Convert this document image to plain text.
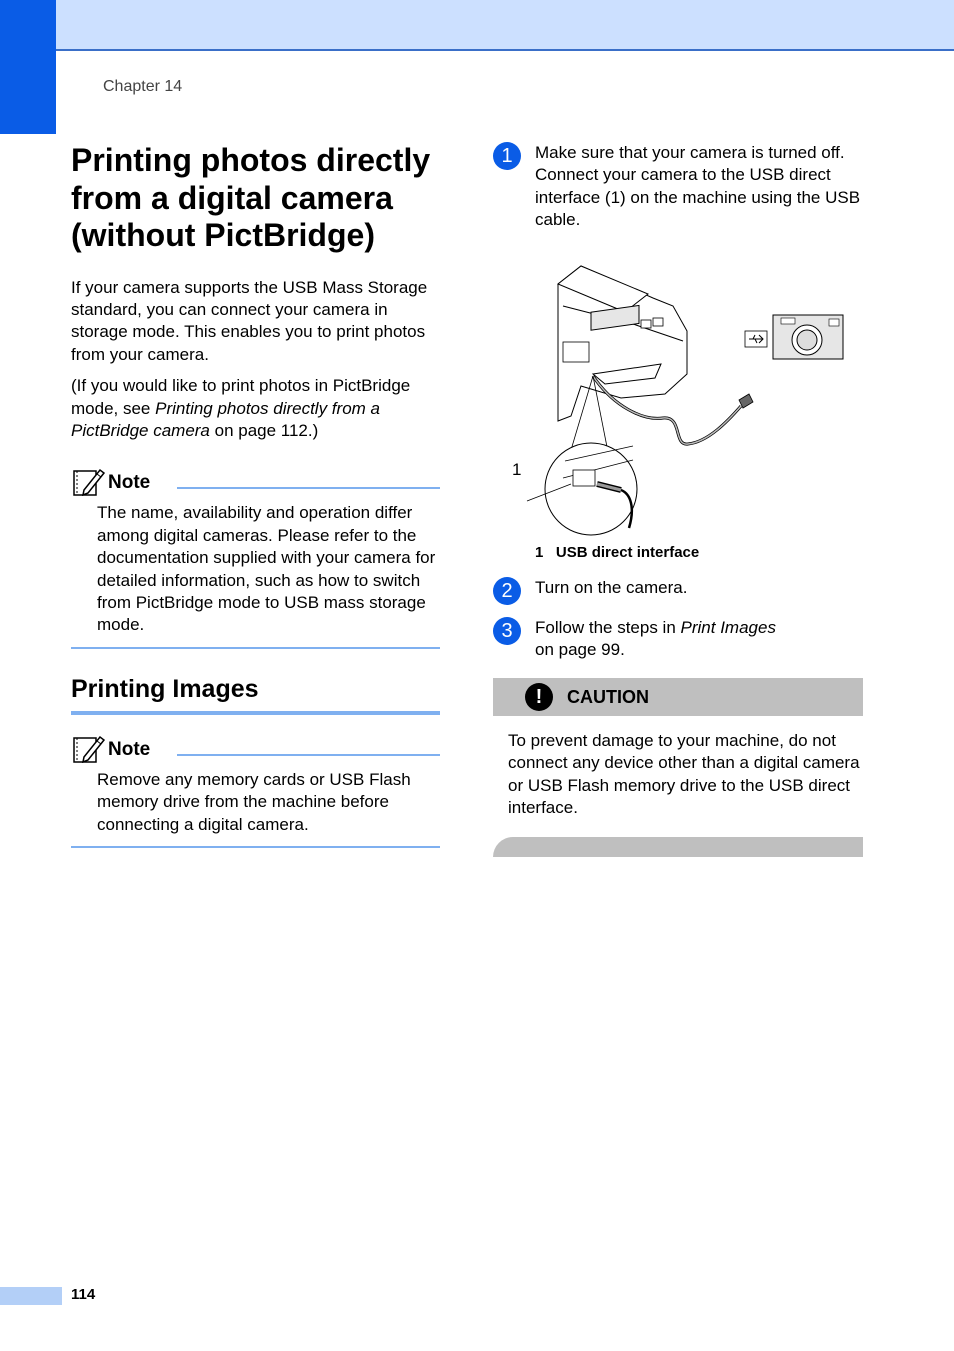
Chapter 14
Printing photos directly from a digital camera (without PictBridge)

If your camera supports the USB Mass Storage standard, you can connect your camera in storage mode. This enables you to print photos from your camera.

(If you would like to print photos in PictBridge mode, see Printing photos directly from a PictBridge camera on page 112.)

Note

The name, availability and operation differ among digital cameras. Please refer to the documentation supplied with your camera for detailed information, such as how to switch from PictBridge mode to USB mass storage mode.

Printing Images
Note

Remove any memory cards or USB Flash memory drive from the machine before connecting a digital camera.

1	Make sure that your camera is turned off. Connect your camera to the USB direct interface (1) on the machine using the USB cable.
1
1 USB direct interface
2	Turn on the camera.
3	Follow the steps in Print Images
on page 99.
!	CAUTION

To prevent damage to your machine, do not connect any device other than a digital camera or USB Flash memory drive to the USB direct interface.

114
